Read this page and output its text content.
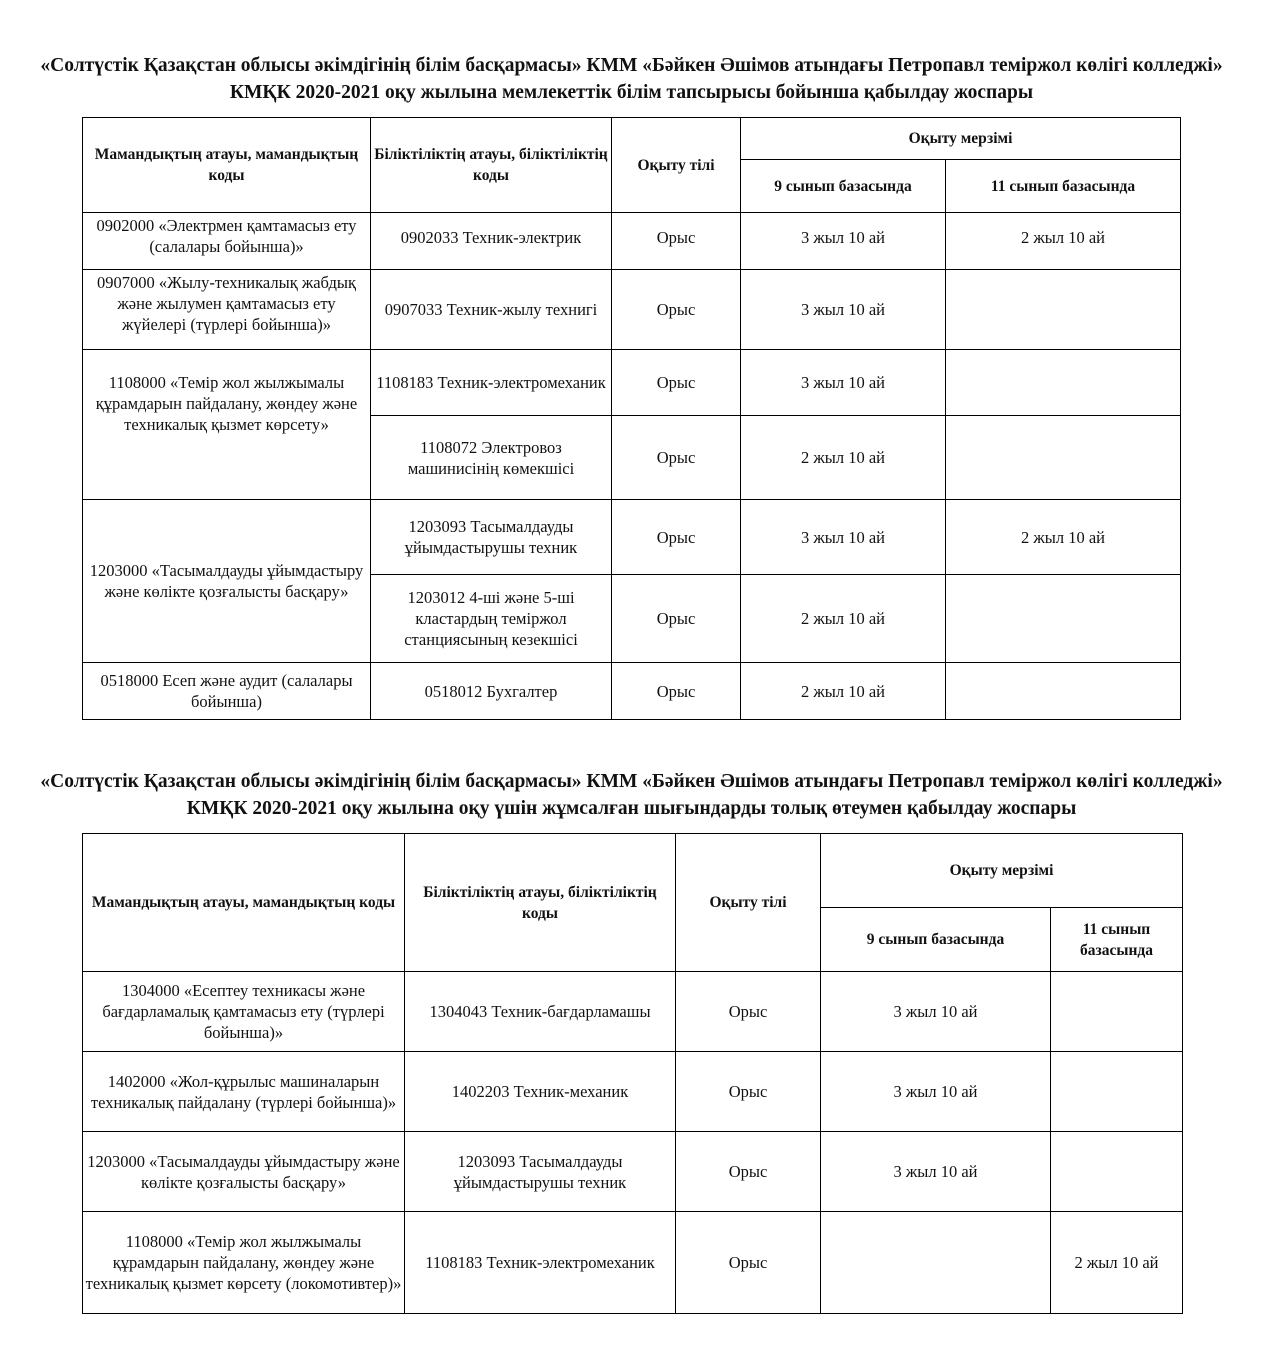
«Солтүстік Қазақстан облысы әкімдігінің білім басқармасы» КММ «Бәйкен Әшімов атындағы Петропавл теміржол көлігі колледжі» КМҚК 2020-2021 оқу жылына мемлекеттік білім тапсырысы бойынша қабылдау жоспары
Мамандықтың атауы, мамандықтың коды	Біліктіліктің атауы, біліктіліктің коды	Оқыту тілі	Оқыту мерзімі	
			9 сынып базасында	11 сынып базасында
0902000 «Электрмен қамтамасыз ету (салалары бойынша)»	0902033 Техник-электрик	Орыс	3 жыл 10 ай	2 жыл 10 ай
0907000 «Жылу-техникалық жабдық және жылумен қамтамасыз ету жүйелері (түрлері бойынша)»	0907033 Техник-жылу технигі	Орыс	3 жыл 10 ай	
1108000 «Темір жол жылжымалы құрамдарын пайдалану, жөндеу және техникалық қызмет көрсету»	1108183 Техник-электромеханик	Орыс	3 жыл 10 ай	
	1108072 Электровоз машинисінің көмекшісі	Орыс	2 жыл 10 ай	
1203000 «Тасымалдауды ұйымдастыру және көлікте қозғалысты басқару»	1203093 Тасымалдауды ұйымдастырушы техник	Орыс	3 жыл 10 ай	2 жыл 10 ай
	1203012 4-ші және 5-ші кластардың теміржол станциясының кезекшісі	Орыс	2 жыл 10 ай	
0518000 Есеп және аудит (салалары бойынша)	0518012 Бухгалтер	Орыс	2 жыл 10 ай	
«Солтүстік Қазақстан облысы әкімдігінің білім басқармасы» КММ «Бәйкен Әшімов атындағы Петропавл теміржол көлігі колледжі» КМҚК 2020-2021 оқу жылына оқу үшін жұмсалған шығындарды толық өтеумен қабылдау жоспары
Мамандықтың атауы, мамандықтың коды	Біліктіліктің атауы, біліктіліктің коды	Оқыту тілі	Оқыту мерзімі	
			9 сынып базасында	11 сынып базасында
1304000 «Есептеу техникасы және бағдарламалық қамтамасыз ету (түрлері бойынша)»	1304043 Техник-бағдарламашы	Орыс	3 жыл 10 ай	
1402000 «Жол-құрылыс машиналарын техникалық пайдалану (түрлері бойынша)»	1402203 Техник-механик	Орыс	3 жыл 10 ай	
1203000 «Тасымалдауды ұйымдастыру және көлікте қозғалысты басқару»	1203093 Тасымалдауды ұйымдастырушы техник	Орыс	3 жыл 10 ай	
1108000 «Темір жол жылжымалы құрамдарын пайдалану, жөндеу және техникалық қызмет көрсету (локомотивтер)»	1108183 Техник-электромеханик	Орыс		2 жыл 10 ай
